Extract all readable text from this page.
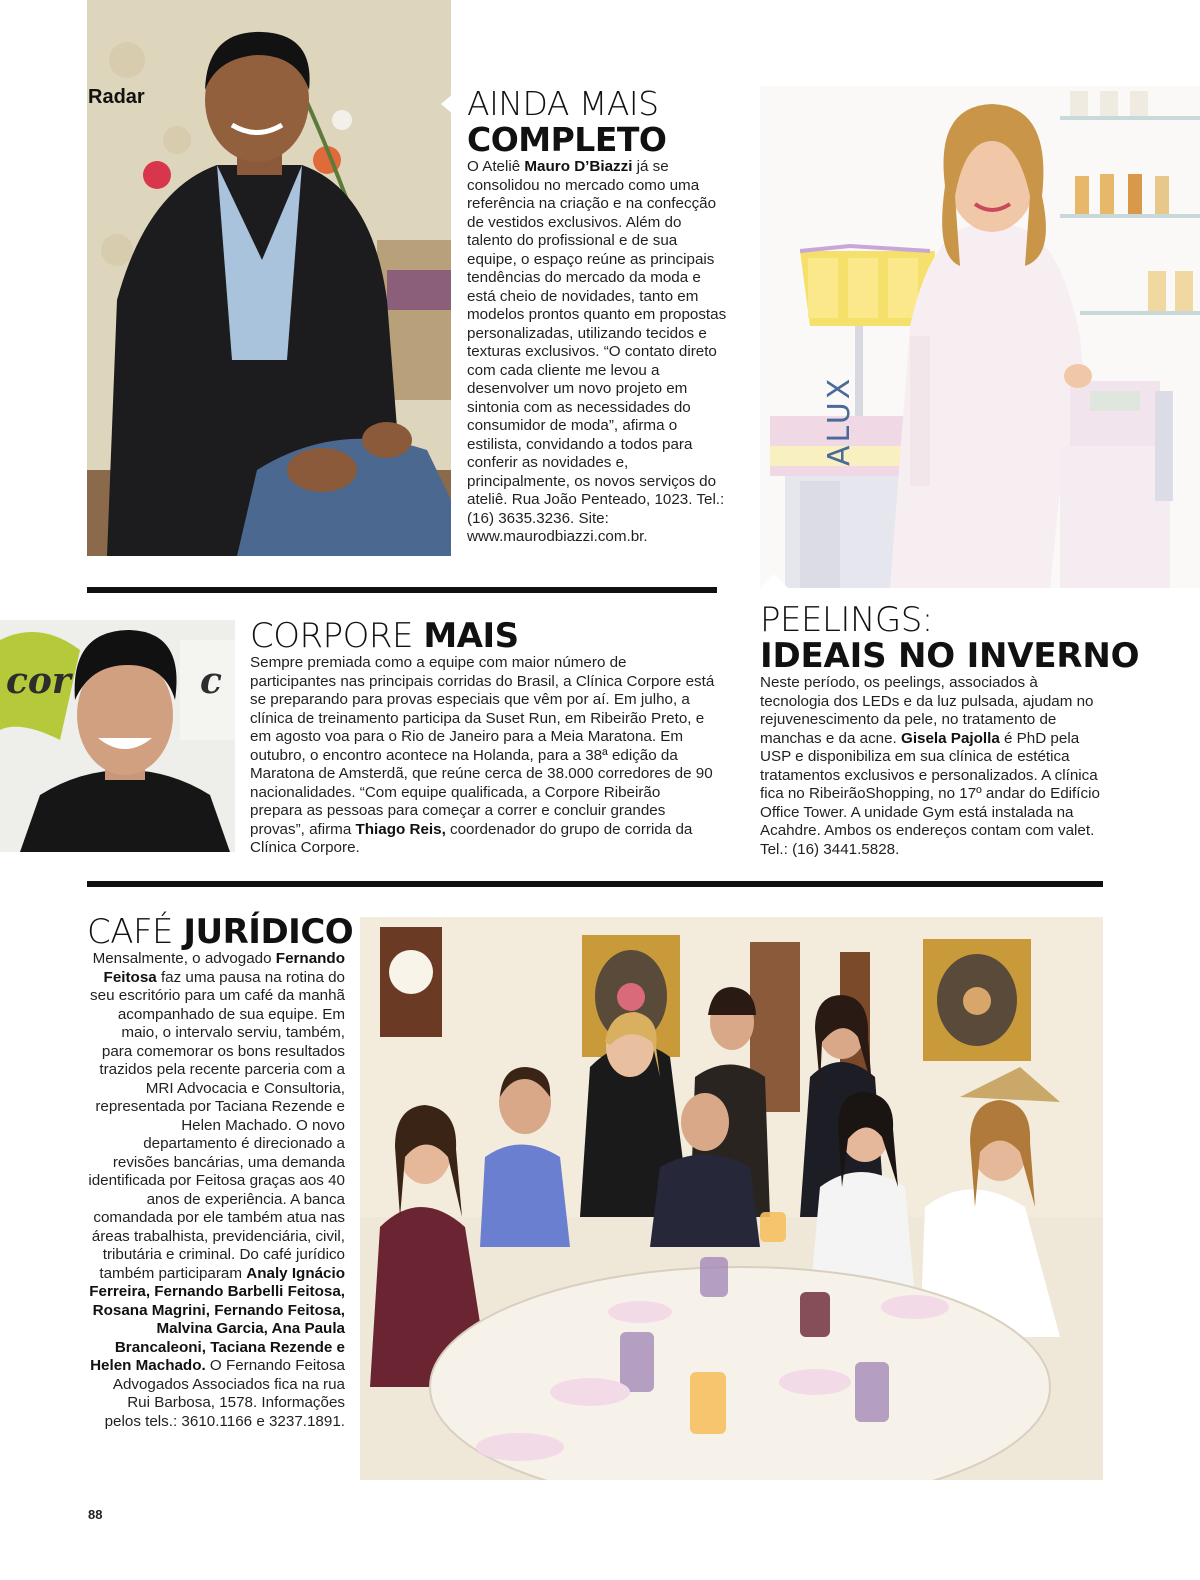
Radar	AINDA MAIS
COMPLETO
O Ateliê Mauro D’Biazzi já se consolidou no mercado como uma referência na criação e na confecção de vestidos exclusivos. Além do talento do profissional e de sua equipe, o espaço reúne as principais tendências do mercado da moda e está cheio de novidades, tanto em modelos prontos quanto em propostas personalizadas, utilizando tecidos e texturas exclusivos. “O contato direto com cada cliente me levou a desenvolver um novo projeto em sintonia com as necessidades do consumidor de moda”, afirma o estilista, convidando a todos para conferir as novidades e, principalmente, os novos serviços do ateliê. Rua João Penteado, 1023. Tel.: (16) 3635.3236. Site: www.maurodbiazzi.com.br.
ALUX
cor	c
CORPORE MAIS
Sempre premiada como a equipe com maior número de participantes nas principais corridas do Brasil, a Clínica Corpore está se preparando para provas especiais que vêm por aí. Em julho, a clínica de treinamento participa da Suset Run, em Ribeirão Preto, e em agosto voa para o Rio de Janeiro para a Meia Maratona. Em outubro, o encontro acontece na Holanda, para a 38ª edição da Maratona de Amsterdã, que reúne cerca de 38.000 corredores de 90 nacionalidades. “Com equipe qualificada, a Corpore Ribeirão prepara as pessoas para começar a correr e concluir grandes provas”, afirma Thiago Reis, coordenador do grupo de corrida da Clínica Corpore.
PEELINGS:
IDEAIS NO INVERNO
Neste período, os peelings, associados à tecnologia dos LEDs e da luz pulsada, ajudam no rejuvenescimento da pele, no tratamento de manchas e da acne. Gisela Pajolla é PhD pela USP e disponibiliza em sua clínica de estética tratamentos exclusivos e personalizados. A clínica fica no RibeirãoShopping, no 17º andar do Edifício Office Tower. A unidade Gym está instalada na Acahdre. Ambos os endereços contam com valet. Tel.: (16) 3441.5828.
CAFÉ JURÍDICO
Mensalmente, o advogado Fernando Feitosa faz uma pausa na rotina do seu escritório para um café da manhã acompanhado de sua equipe. Em maio, o intervalo serviu, também, para comemorar os bons resultados trazidos pela recente parceria com a MRI Advocacia e Consultoria, representada por Taciana Rezende e Helen Machado. O novo departamento é direcionado a revisões bancárias, uma demanda identificada por Feitosa graças aos 40 anos de experiência. A banca comandada por ele também atua nas áreas trabalhista, previdenciária, civil, tributária e criminal. Do café jurídico também participaram Analy Ignácio Ferreira, Fernando Barbelli Feitosa, Rosana Magrini, Fernando Feitosa, Malvina Garcia, Ana Paula Brancaleoni, Taciana Rezende e Helen Machado. O Fernando Feitosa Advogados Associados fica na rua Rui Barbosa, 1578. Informações pelos tels.: 3610.1166 e 3237.1891.
88
